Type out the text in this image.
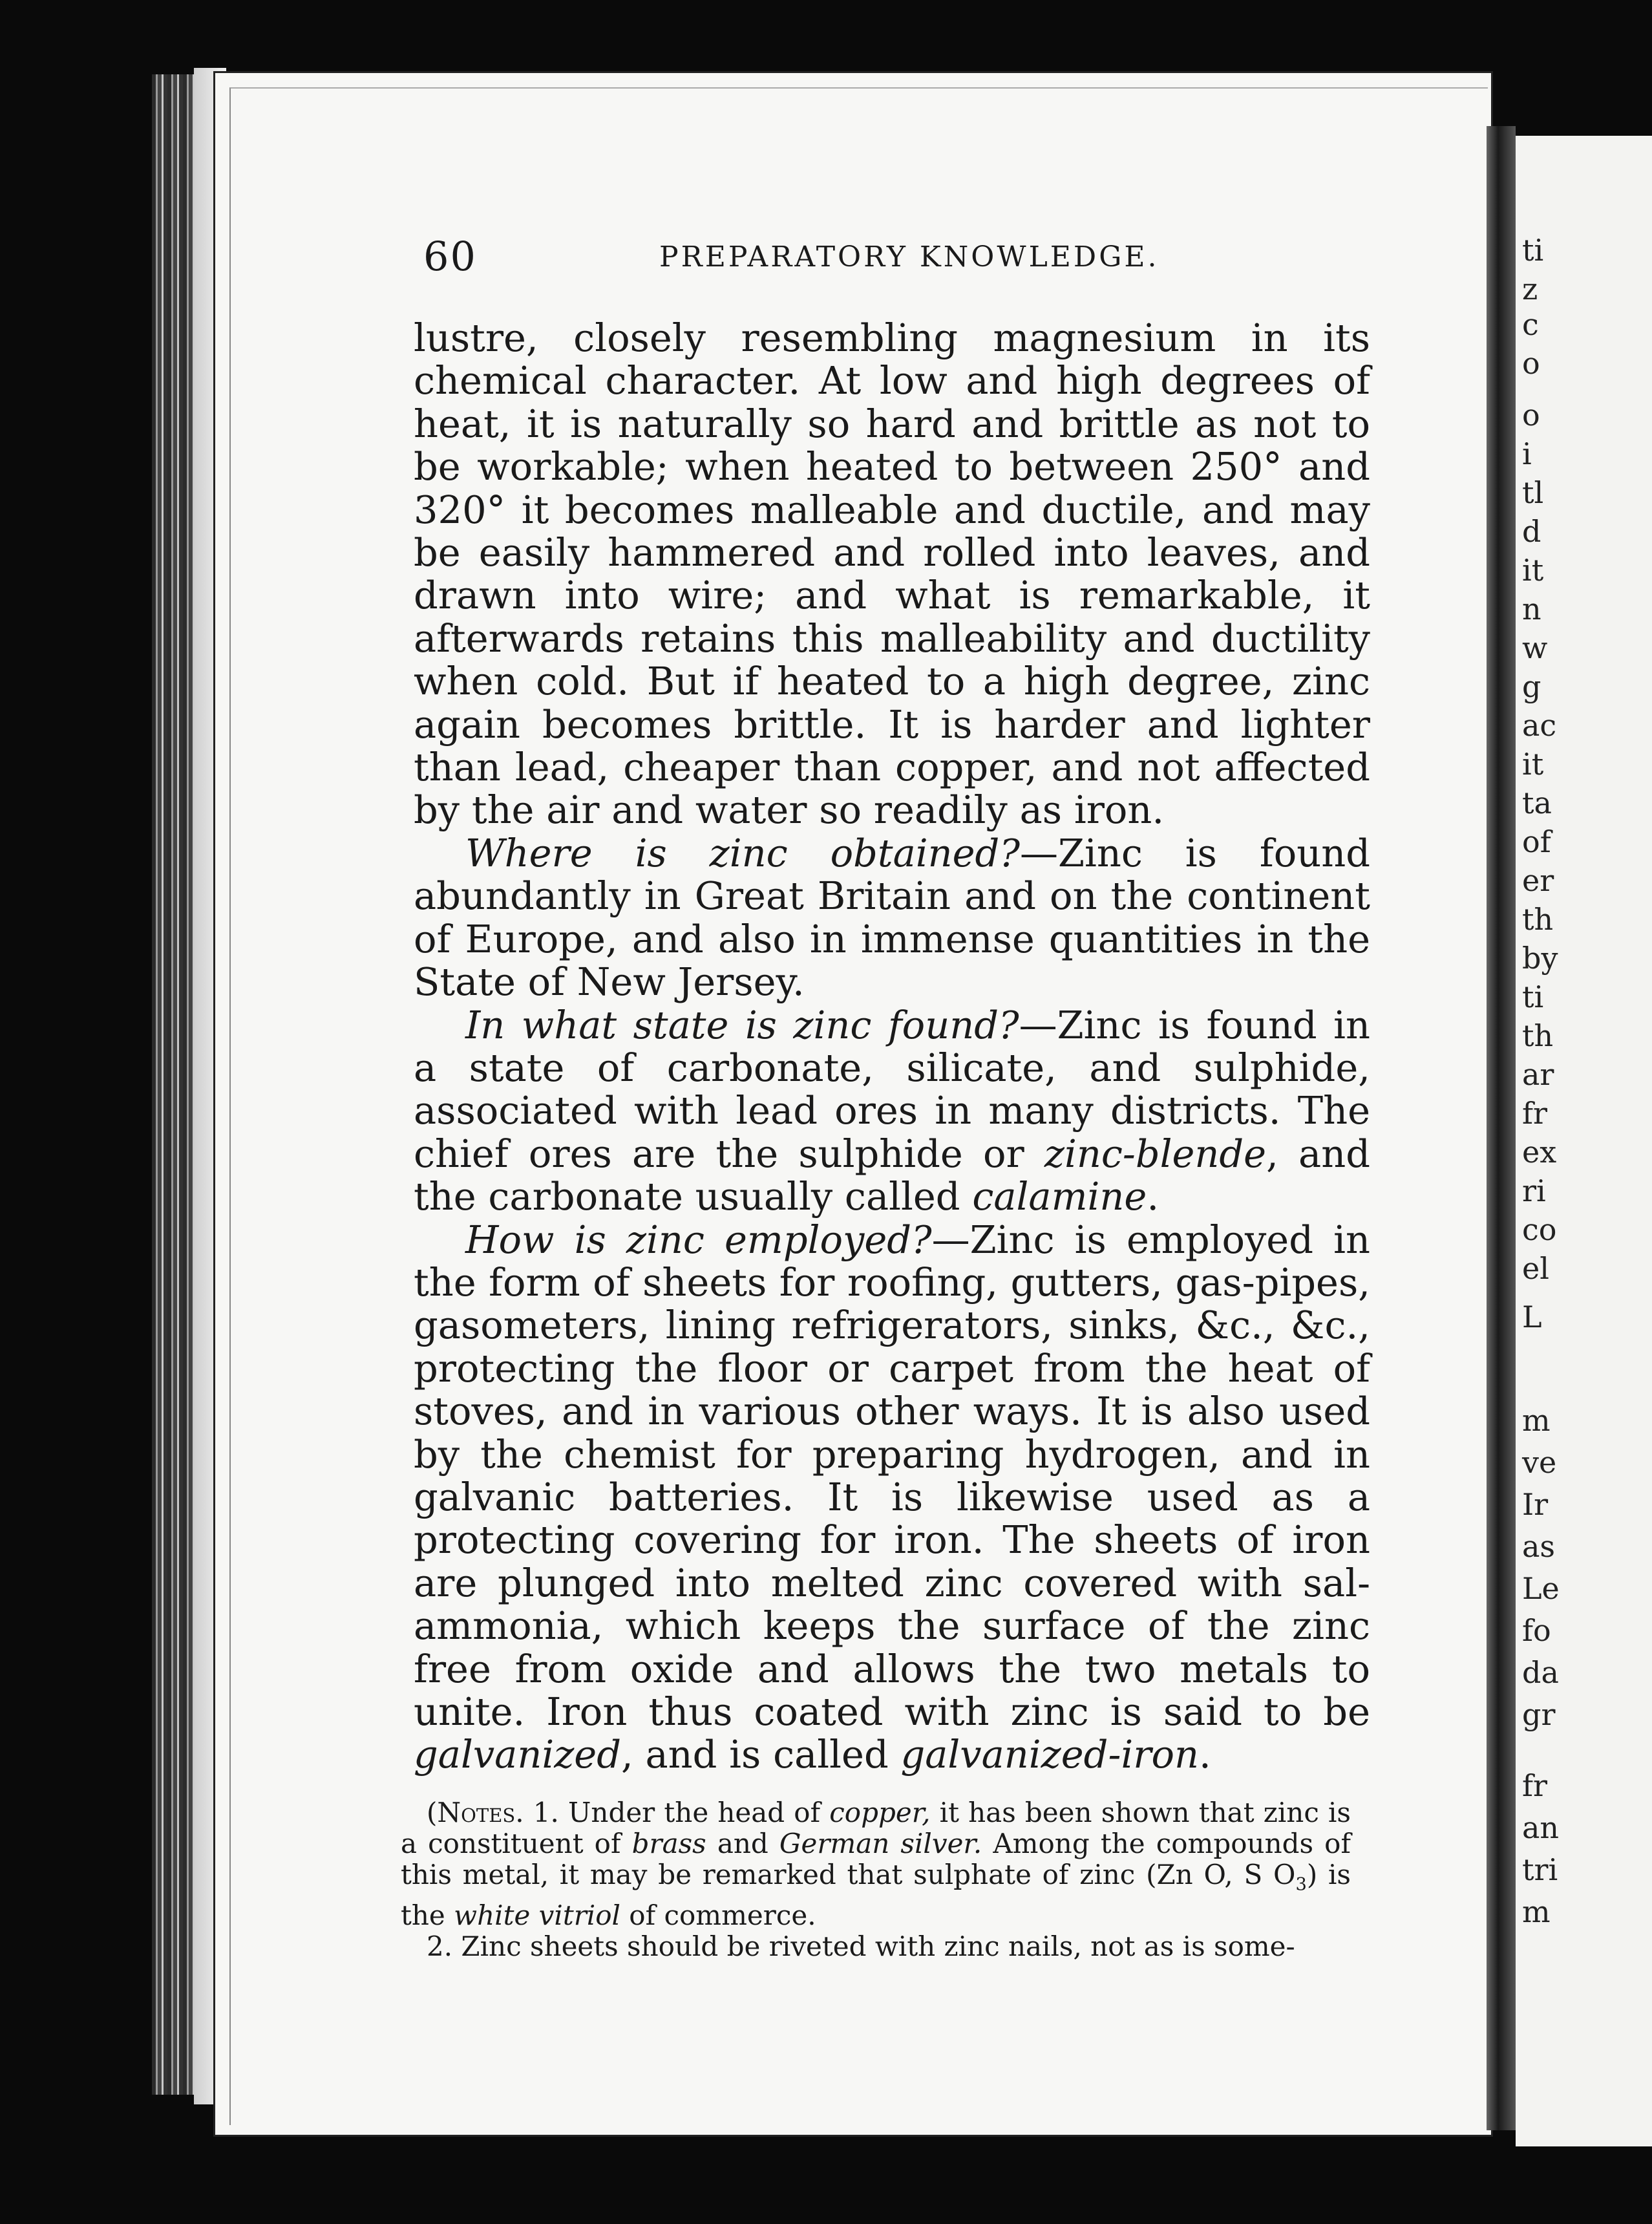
ti
z
c
o
o
i
tl
d
it
n
w
g
ac
it
ta
of
er
th
by
ti
th
ar
fr
ex
ri
co
el
L
m
ve
Ir
as
Le
fo
da
gr
fr
an
tri
m
60	PREPARATORY KNOWLEDGE.

lustre, closely resembling magnesium in its chemical character. At low and high degrees of heat, it is naturally so hard and brittle as not to be workable; when heated to between 250° and 320° it becomes malleable and ductile, and may be easily hammered and rolled into leaves, and drawn into wire; and what is remarkable, it afterwards retains this malleability and ductility when cold. But if heated to a high degree, zinc again becomes brittle. It is harder and lighter than lead, cheaper than copper, and not affected by the air and water so readily as iron.

Where is zinc obtained?—Zinc is found abundantly in Great Britain and on the continent of Europe, and also in immense quantities in the State of New Jersey.

In what state is zinc found?—Zinc is found in a state of carbonate, silicate, and sulphide, associated with lead ores in many districts. The chief ores are the sulphide or zinc-blende, and the carbonate usually called calamine.

How is zinc employed?—Zinc is employed in the form of sheets for roofing, gutters, gas-pipes, gasometers, lining refrigerators, sinks, &c., &c., protecting the floor or carpet from the heat of stoves, and in various other ways. It is also used by the chemist for preparing hydrogen, and in galvanic batteries. It is likewise used as a protecting covering for iron. The sheets of iron are plunged into melted zinc covered with sal-ammonia, which keeps the surface of the zinc free from oxide and allows the two metals to unite. Iron thus coated with zinc is said to be galvanized, and is called galvanized-iron.

(Notes. 1. Under the head of copper, it has been shown that zinc is a constituent of brass and German silver. Among the compounds of this metal, it may be remarked that sulphate of zinc (Zn O, S $O_3$) is the white vitriol of commerce.

2. Zinc sheets should be riveted with zinc nails, not as is some-
